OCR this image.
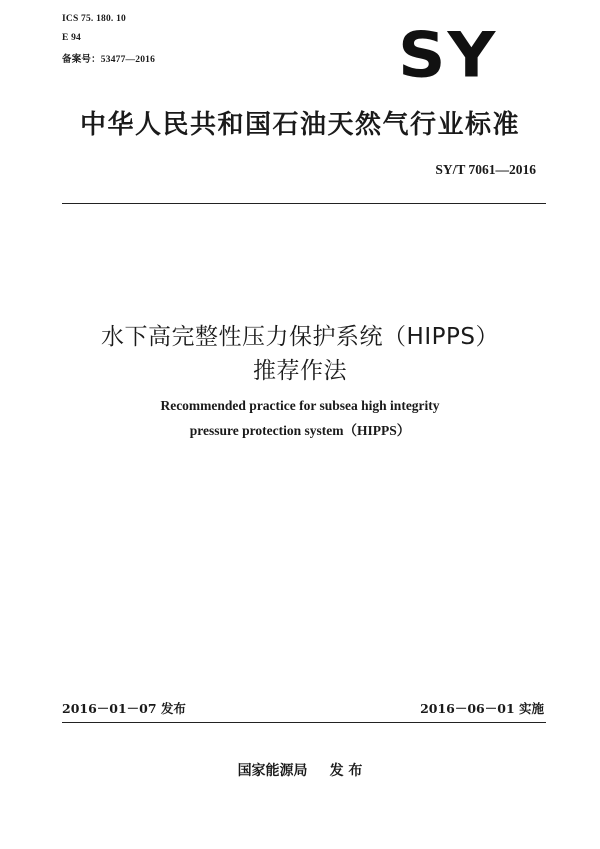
ICS 75. 180. 10
E 94
备案号：53477—2016	SY
中华人民共和国石油天然气行业标准
SY/T 7061—2016
水下高完整性压力保护系统（HIPPS）
推荐作法
Recommended practice for subsea high integrity
pressure protection system（HIPPS）
2016－01－07 发布	2016－06－01 实施
国家能源局 发 布
